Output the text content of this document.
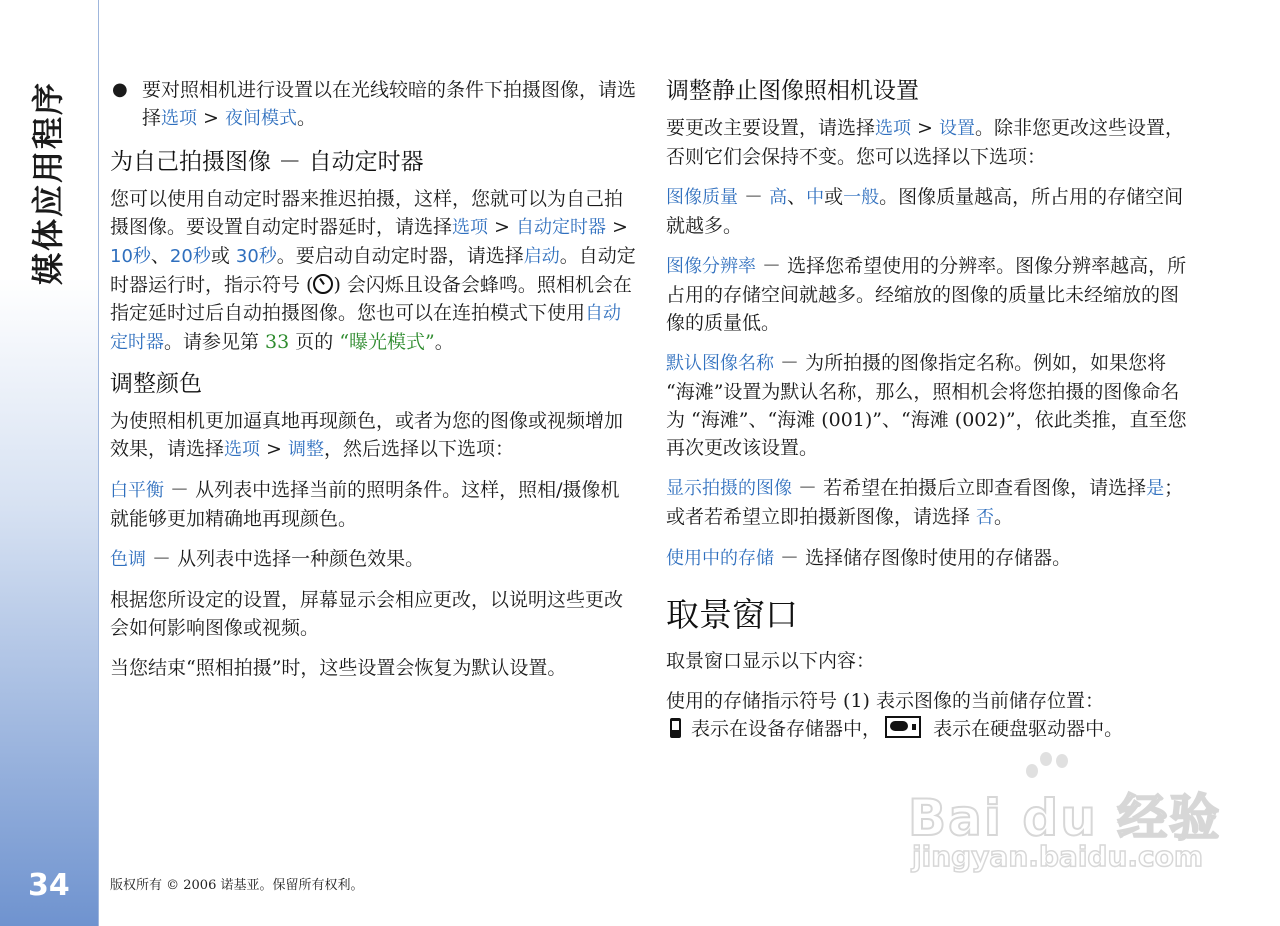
媒体应用程序
34
● 要对照相机进行设置以在光线较暗的条件下拍摄图像，请选择选项 > 夜间模式。
为自己拍摄图像 － 自动定时器

您可以使用自动定时器来推迟拍摄，这样，您就可以为自己拍摄图像。要设置自动定时器延时，请选择选项 > 自动定时器 > 10秒、20秒或 30秒。要启动自动定时器，请选择启动。自动定时器运行时，指示符号 ( ) 会闪烁且设备会蜂鸣。照相机会在指定延时过后自动拍摄图像。您也可以在连拍模式下使用自动定时器。请参见第 33 页的 “曝光模式”。

调整颜色

为使照相机更加逼真地再现颜色，或者为您的图像或视频增加效果，请选择选项 > 调整，然后选择以下选项：

白平衡 － 从列表中选择当前的照明条件。这样，照相/摄像机就能够更加精确地再现颜色。

色调 － 从列表中选择一种颜色效果。

根据您所设定的设置，屏幕显示会相应更改，以说明这些更改会如何影响图像或视频。

当您结束“照相拍摄”时，这些设置会恢复为默认设置。

调整静止图像照相机设置

要更改主要设置，请选择选项 > 设置。除非您更改这些设置，否则它们会保持不变。您可以选择以下选项：

图像质量 － 高、中或一般。图像质量越高，所占用的存储空间就越多。

图像分辨率 － 选择您希望使用的分辨率。图像分辨率越高，所占用的存储空间就越多。经缩放的图像的质量比未经缩放的图像的质量低。

默认图像名称 － 为所拍摄的图像指定名称。例如，如果您将 “海滩”设置为默认名称，那么，照相机会将您拍摄的图像命名为 “海滩”、“海滩 (001)”、“海滩 (002)”，依此类推，直至您再次更改该设置。

显示拍摄的图像 － 若希望在拍摄后立即查看图像，请选择是；或者若希望立即拍摄新图像，请选择 否。

使用中的存储 － 选择储存图像时使用的存储器。

取景窗口

取景窗口显示以下内容：

使用的存储指示符号 (1) 表示图像的当前储存位置：
表示在设备存储器中， 表示在硬盘驱动器中。

版权所有 © 2006 诺基亚。保留所有权利。
Bai du 经验
jingyan.baidu.com
